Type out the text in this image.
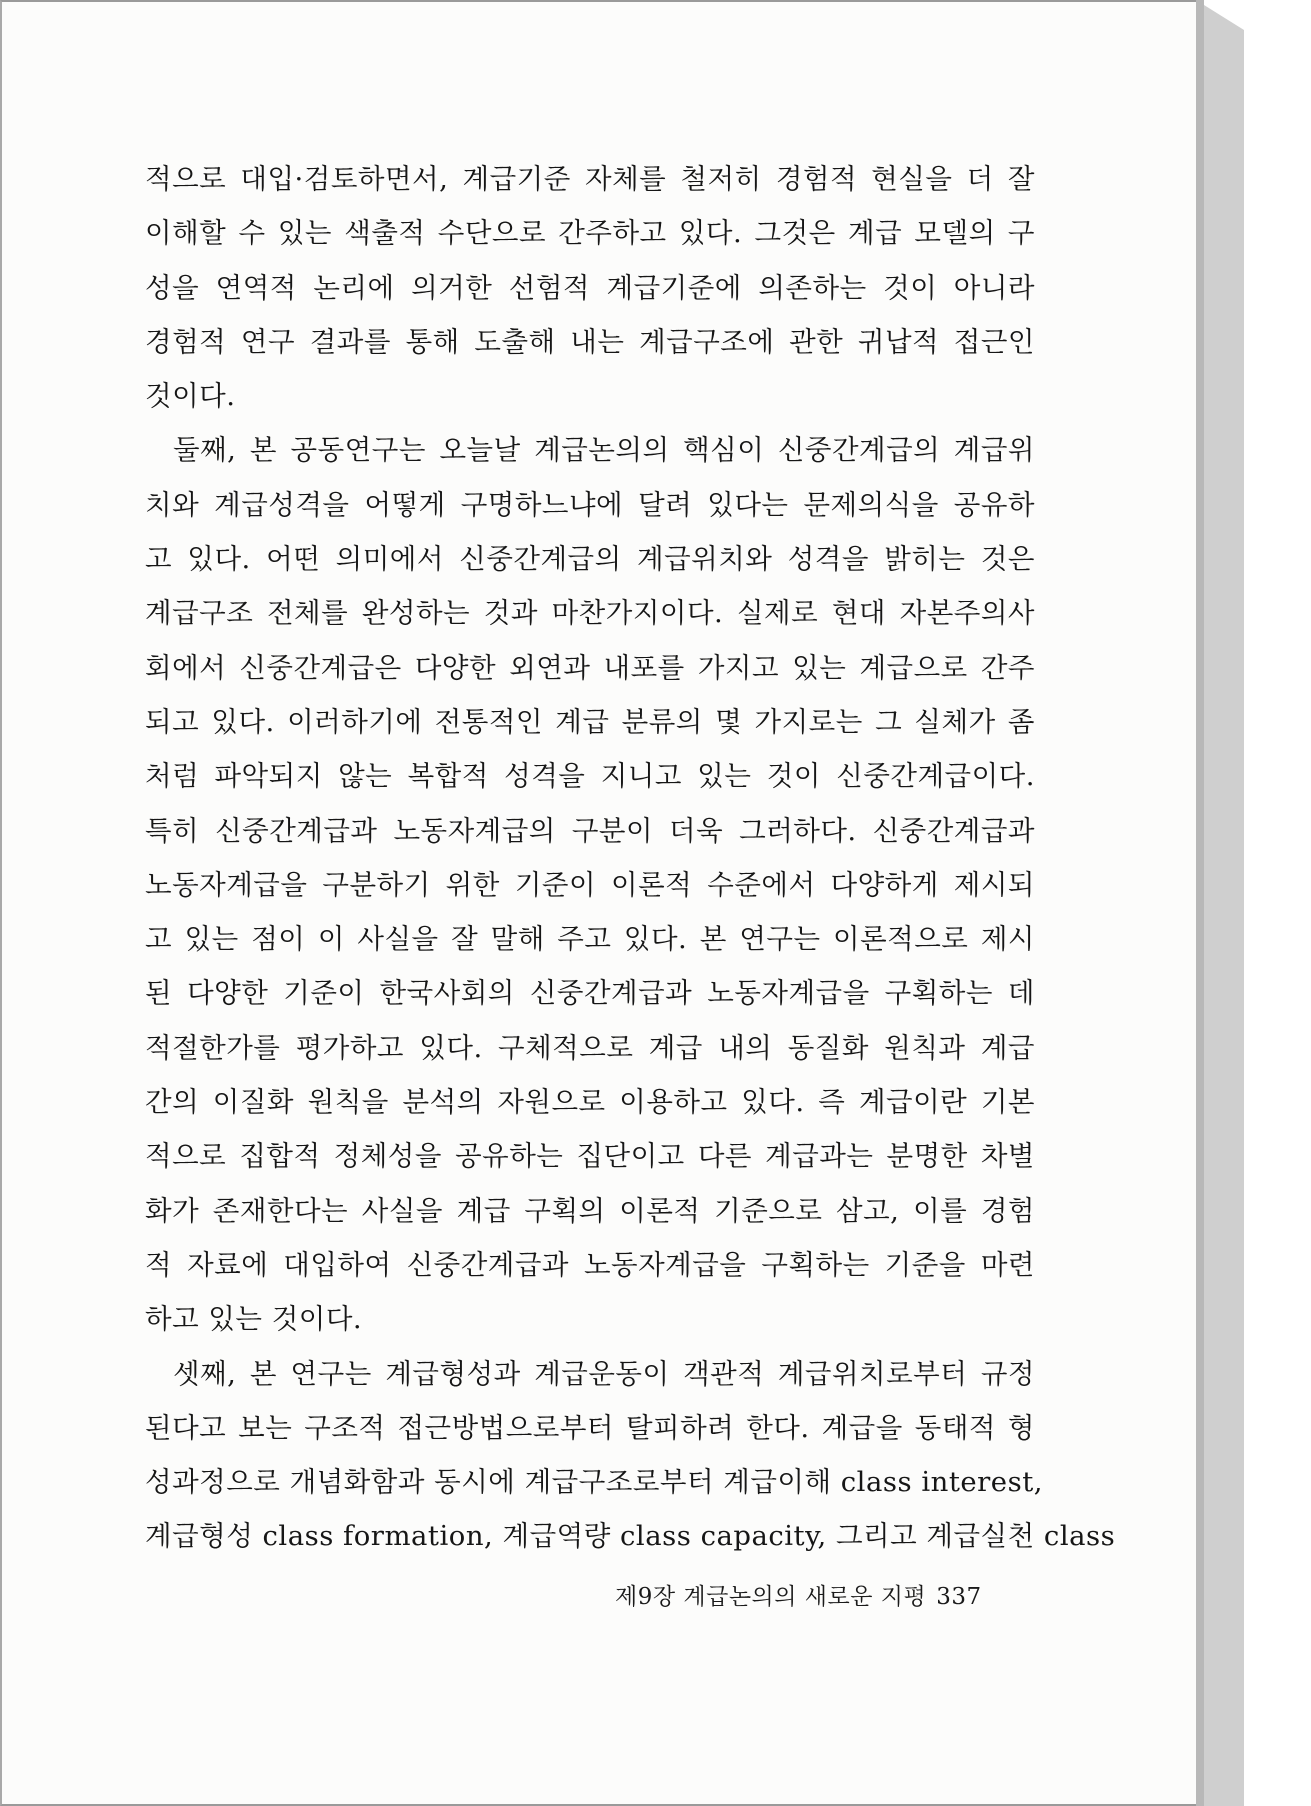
적으로 대입·검토하면서, 계급기준 자체를 철저히 경험적 현실을 더 잘
이해할 수 있는 색출적 수단으로 간주하고 있다. 그것은 계급 모델의 구
성을 연역적 논리에 의거한 선험적 계급기준에 의존하는 것이 아니라
경험적 연구 결과를 통해 도출해 내는 계급구조에 관한 귀납적 접근인
것이다.
둘째, 본 공동연구는 오늘날 계급논의의 핵심이 신중간계급의 계급위
치와 계급성격을 어떻게 구명하느냐에 달려 있다는 문제의식을 공유하
고 있다. 어떤 의미에서 신중간계급의 계급위치와 성격을 밝히는 것은
계급구조 전체를 완성하는 것과 마찬가지이다. 실제로 현대 자본주의사
회에서 신중간계급은 다양한 외연과 내포를 가지고 있는 계급으로 간주
되고 있다. 이러하기에 전통적인 계급 분류의 몇 가지로는 그 실체가 좀
처럼 파악되지 않는 복합적 성격을 지니고 있는 것이 신중간계급이다.
특히 신중간계급과 노동자계급의 구분이 더욱 그러하다. 신중간계급과
노동자계급을 구분하기 위한 기준이 이론적 수준에서 다양하게 제시되
고 있는 점이 이 사실을 잘 말해 주고 있다. 본 연구는 이론적으로 제시
된 다양한 기준이 한국사회의 신중간계급과 노동자계급을 구획하는 데
적절한가를 평가하고 있다. 구체적으로 계급 내의 동질화 원칙과 계급
간의 이질화 원칙을 분석의 자원으로 이용하고 있다. 즉 계급이란 기본
적으로 집합적 정체성을 공유하는 집단이고 다른 계급과는 분명한 차별
화가 존재한다는 사실을 계급 구획의 이론적 기준으로 삼고, 이를 경험
적 자료에 대입하여 신중간계급과 노동자계급을 구획하는 기준을 마련
하고 있는 것이다.
셋째, 본 연구는 계급형성과 계급운동이 객관적 계급위치로부터 규정
된다고 보는 구조적 접근방법으로부터 탈피하려 한다. 계급을 동태적 형
성과정으로 개념화함과 동시에 계급구조로부터 계급이해 class interest,
계급형성 class formation, 계급역량 class capacity, 그리고 계급실천 class
제9장 계급논의의 새로운 지평 337
